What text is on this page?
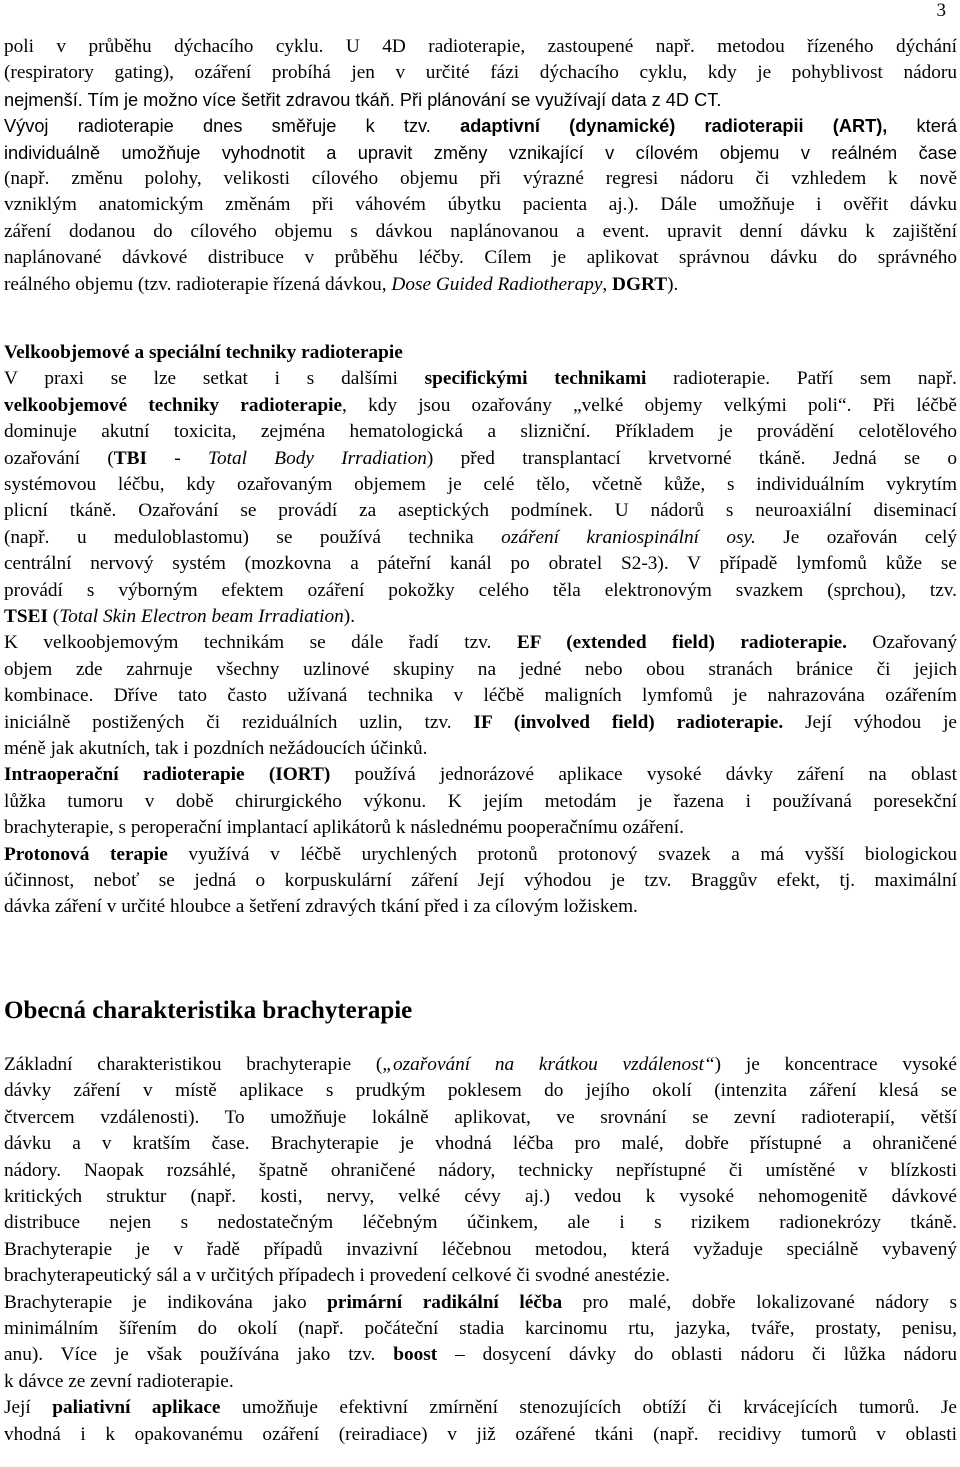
3
poli v průběhu dýchacího cyklu. U 4D radioterapie, zastoupené např. metodou řízeného dýchání
(respiratory gating), ozáření probíhá jen v určité fázi dýchacího cyklu, kdy je pohyblivost nádoru
nejmenší. Tím je možno více šetřit zdravou tkáň. Při plánování se využívají data z 4D CT.
Vývoj radioterapie dnes směřuje k tzv. adaptivní (dynamické) radioterapii (ART), která
individuálně umožňuje vyhodnotit a upravit změny vznikající v cílovém objemu v reálném čase
(např. změnu polohy, velikosti cílového objemu při výrazné regresi nádoru či vzhledem k nově
vzniklým anatomickým změnám při váhovém úbytku pacienta aj.). Dále umožňuje i ověřit dávku
záření dodanou do cílového objemu s dávkou naplánovanou a event. upravit denní dávku k zajištění
naplánované dávkové distribuce v průběhu léčby. Cílem je aplikovat správnou dávku do správného
reálného objemu (tzv. radioterapie řízená dávkou, Dose Guided Radiotherapy, DGRT).
Velkoobjemové a speciální techniky radioterapie
V praxi se lze setkat i s dalšími specifickými technikami radioterapie. Patří sem např.
velkoobjemové techniky radioterapie, kdy jsou ozařovány „velké objemy velkými poli“. Při léčbě
dominuje akutní toxicita, zejména hematologická a slizniční. Příkladem je provádění celotělového
ozařování (TBI - Total Body Irradiation) před transplantací krvetvorné tkáně. Jedná se o
systémovou léčbu, kdy ozařovaným objemem je celé tělo, včetně kůže, s individuálním vykrytím
plicní tkáně. Ozařování se provádí za aseptických podmínek. U nádorů s neuroaxiální diseminací
(např. u meduloblastomu) se používá technika ozáření kraniospinální osy. Je ozařován celý
centrální nervový systém (mozkovna a páteřní kanál po obratel S2-3). V případě lymfomů kůže se
provádí s výborným efektem ozáření pokožky celého těla elektronovým svazkem (sprchou), tzv.
TSEI (Total Skin Electron beam Irradiation).
K velkoobjemovým technikám se dále řadí tzv. EF (extended field) radioterapie. Ozařovaný
objem zde zahrnuje všechny uzlinové skupiny na jedné nebo obou stranách bránice či jejich
kombinace. Dříve tato často užívaná technika v léčbě maligních lymfomů je nahrazována ozářením
iniciálně postižených či reziduálních uzlin, tzv. IF (involved field) radioterapie. Její výhodou je
méně jak akutních, tak i pozdních nežádoucích účinků.
Intraoperační radioterapie (IORT) používá jednorázové aplikace vysoké dávky záření na oblast
lůžka tumoru v době chirurgického výkonu. K jejím metodám je řazena i používaná poresekční
brachyterapie, s peroperační implantací aplikátorů k následnému pooperačnímu ozáření.
Protonová terapie využívá v léčbě urychlených protonů protonový svazek a má vyšší biologickou
účinnost, neboť se jedná o korpuskulární záření Její výhodou je tzv. Braggův efekt, tj. maximální
dávka záření v určité hloubce a šetření zdravých tkání před i za cílovým ložiskem.
Obecná charakteristika brachyterapie
Základní charakteristikou brachyterapie („ozařování na krátkou vzdálenost“) je koncentrace vysoké
dávky záření v místě aplikace s prudkým poklesem do jejího okolí (intenzita záření klesá se
čtvercem vzdálenosti). To umožňuje lokálně aplikovat, ve srovnání se zevní radioterapií, větší
dávku a v kratším čase. Brachyterapie je vhodná léčba pro malé, dobře přístupné a ohraničené
nádory. Naopak rozsáhlé, špatně ohraničené nádory, technicky nepřístupné či umístěné v blízkosti
kritických struktur (např. kosti, nervy, velké cévy aj.) vedou k vysoké nehomogenitě dávkové
distribuce nejen s nedostatečným léčebným účinkem, ale i s rizikem radionekrózy tkáně.
Brachyterapie je v řadě případů invazivní léčebnou metodou, která vyžaduje speciálně vybavený
brachyterapeutický sál a v určitých případech i provedení celkové či svodné anestézie.
Brachyterapie je indikována jako primární radikální léčba pro malé, dobře lokalizované nádory s
minimálním šířením do okolí (např. počáteční stadia karcinomu rtu, jazyka, tváře, prostaty, penisu,
anu). Více je však používána jako tzv. boost – dosycení dávky do oblasti nádoru či lůžka nádoru
k dávce ze zevní radioterapie.
Její paliativní aplikace umožňuje efektivní zmírnění stenozujících obtíží či krvácejících tumorů. Je
vhodná i k opakovanému ozáření (reiradiace) v již ozářené tkáni (např. recidivy tumorů v oblasti
